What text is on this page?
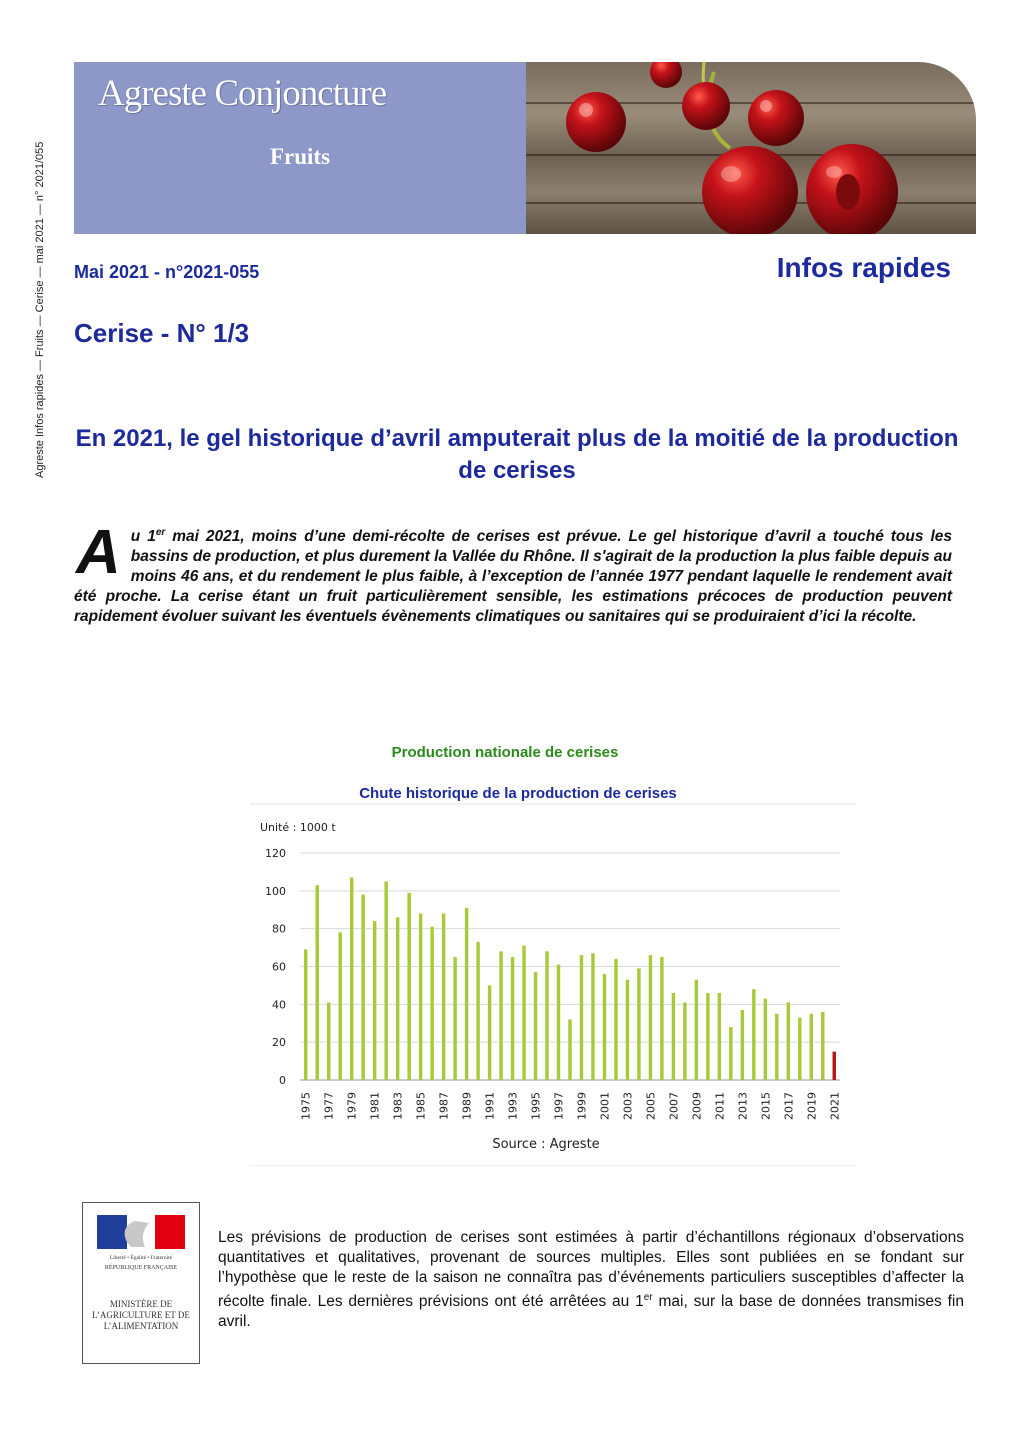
Agreste Infos rapides — Fruits — Cerise — mai 2021 — n° 2021/055
Agreste Conjoncture
Fruits
Mai 2021 - n°2021-055	Infos rapides
Cerise - N° 1/3
En 2021, le gel historique d’avril amputerait plus de la moitié de la production de cerises
Au 1er mai 2021, moins d’une demi-récolte de cerises est prévue. Le gel historique d’avril a touché tous les bassins de production, et plus durement la Vallée du Rhône. Il s'agirait de la production la plus faible depuis au moins 46 ans, et du rendement le plus faible, à l’exception de l’année 1977 pendant laquelle le rendement avait été proche. La cerise étant un fruit particulièrement sensible, les estimations précoces de production peuvent rapidement évoluer suivant les éventuels évènements climatiques ou sanitaires qui se produiraient d’ici la récolte.
Production nationale de cerises
Chute historique de la production de cerises
Unité : 1000 t
Source : Agreste
0
20
40
60
80
100
120
1975 1977 1979 1981 1983 1985 1987 1989 1991 1993 1995 1997 1999 2001 2003 2005 2007 2009 2011 2013 2015 2017 2019 2021
Liberté • Égalité • Fraternité
RÉPUBLIQUE FRANÇAISE
MINISTÈRE DE L’AGRICULTURE ET DE L’ALIMENTATION
Les prévisions de production de cerises sont estimées à partir d’échantillons régionaux d’observations quantitatives et qualitatives, provenant de sources multiples. Elles sont publiées en se fondant sur l’hypothèse que le reste de la saison ne connaîtra pas d’événements particuliers susceptibles d’affecter la récolte finale. Les dernières prévisions ont été arrêtées au 1er mai, sur la base de données transmises fin avril.
